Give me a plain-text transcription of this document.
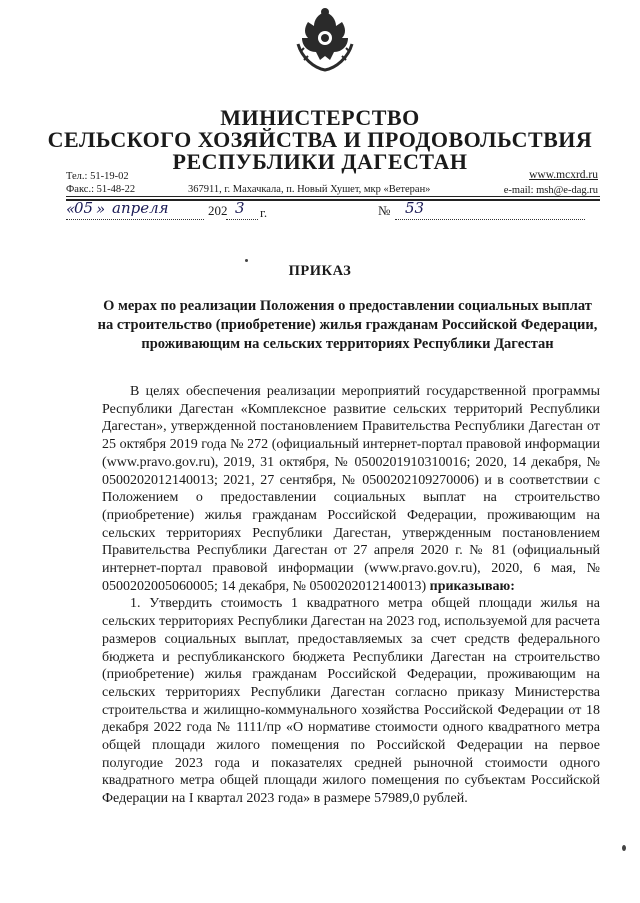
МИНИСТЕРСТВО
СЕЛЬСКОГО ХОЗЯЙСТВА И ПРОДОВОЛЬСТВИЯ
РЕСПУБЛИКИ ДАГЕСТАН
Тел.: 51-19-02
Факс.: 51-48-22	367911, г. Махачкала, п. Новый Хушет, мкр «Ветеран»
www.mcxrd.ru
e-mail: msh@e-dag.ru
«
05 » апреля	202 3 г.	№ 53
ПРИКАЗ
О мерах по реализации Положения о предоставлении социальных выплат на строительство (приобретение) жилья гражданам Российской Федерации, проживающим на сельских территориях Республики Дагестан

В целях обеспечения реализации мероприятий государственной программы Республики Дагестан «Комплексное развитие сельских территорий Республики Дагестан», утвержденной постановлением Правительства Республики Дагестан от 25 октября 2019 года № 272 (официальный интернет-портал правовой информации (www.pravo.gov.ru), 2019, 31 октября, № 0500201910310016; 2020, 14 декабря, № 0500202012140013; 2021, 27 сентября, № 0500202109270006) и в соответствии с Положением о предоставлении социальных выплат на строительство (приобретение) жилья гражданам Российской Федерации, проживающим на сельских территориях Республики Дагестан, утвержденным постановлением Правительства Республики Дагестан от 27 апреля 2020 г. № 81 (официальный интернет-портал правовой информации (www.pravo.gov.ru), 2020, 6 мая, № 0500202005060005; 14 декабря, № 0500202012140013) приказываю:

1. Утвердить стоимость 1 квадратного метра общей площади жилья на сельских территориях Республики Дагестан на 2023 год, используемой для расчета размеров социальных выплат, предоставляемых за счет средств федерального бюджета и республиканского бюджета Республики Дагестан на строительство (приобретение) жилья гражданам Российской Федерации, проживающим на сельских территориях Республики Дагестан согласно приказу Министерства строительства и жилищно-коммунального хозяйства Российской Федерации от 18 декабря 2022 года № 1111/пр «О нормативе стоимости одного квадратного метра общей площади жилого помещения по Российской Федерации на первое полугодие 2023 года и показателях средней рыночной стоимости одного квадратного метра общей площади жилого помещения по субъектам Российской Федерации на I квартал 2023 года» в размере 57989,0 рублей.
